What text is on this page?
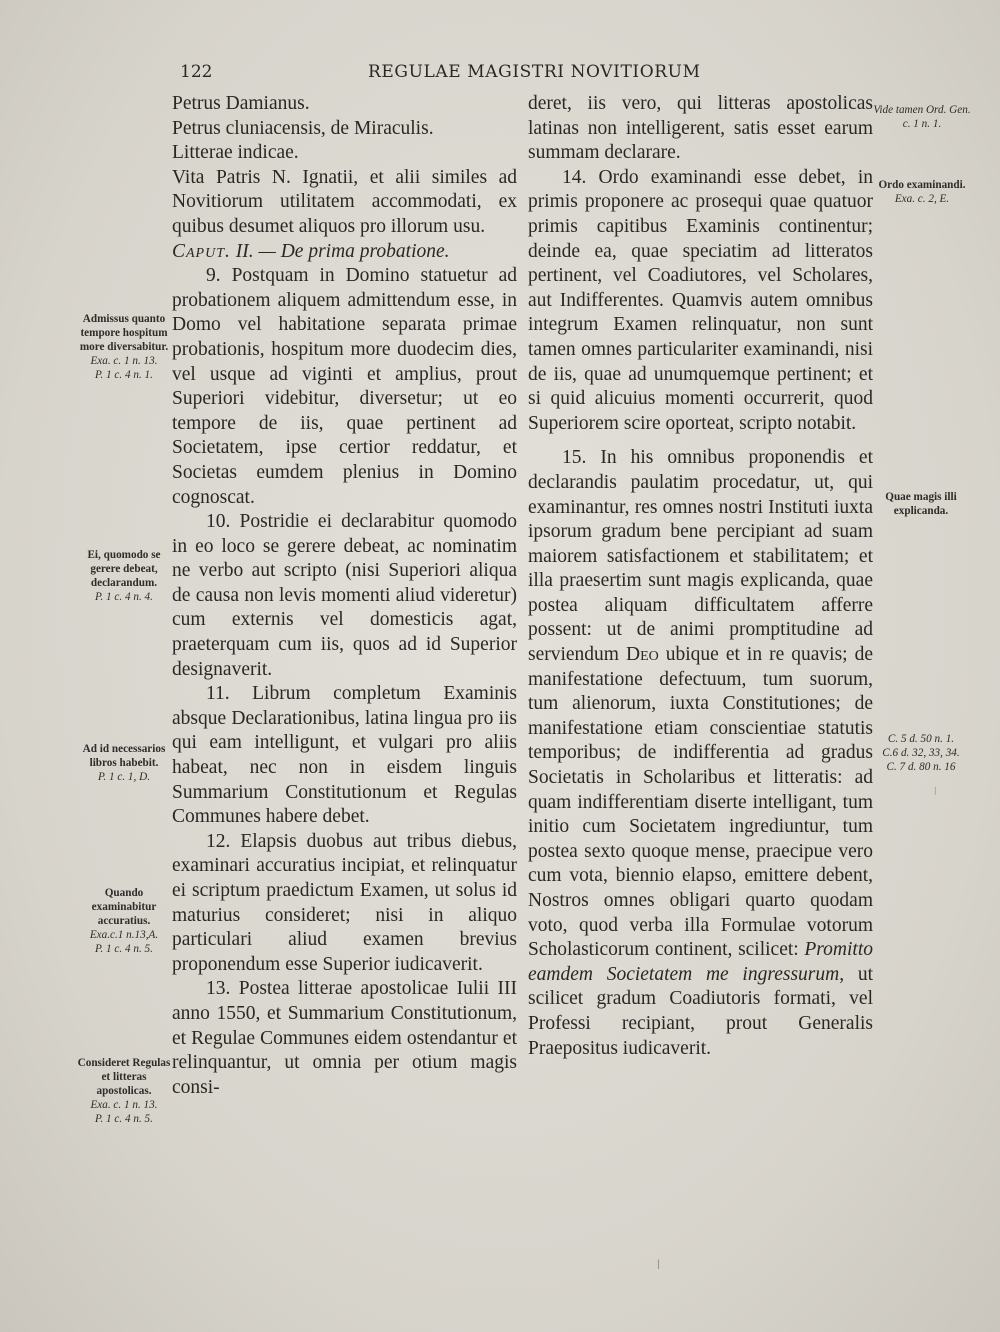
122	REGULAE MAGISTRI NOVITIORUM

Petrus Damianus.

Petrus cluniacensis, de Miraculis.

Litterae indicae.

Vita Patris N. Ignatii, et alii similes ad Novitiorum utilitatem accommodati, ex quibus desumet aliquos pro illorum usu.

Caput. II. — De prima probatione.

9. Postquam in Domino statuetur ad probationem aliquem admittendum esse, in Domo vel habitatione separata primae probationis, hospitum more duodecim dies, vel usque ad viginti et amplius, prout Superiori videbitur, diversetur; ut eo tempore de iis, quae pertinent ad Societatem, ipse certior reddatur, et Societas eumdem plenius in Domino cognoscat.

10. Postridie ei declarabitur quomodo in eo loco se gerere debeat, ac nominatim ne verbo aut scripto (nisi Superiori aliqua de causa non levis momenti aliud videretur) cum externis vel domesticis agat, praeterquam cum iis, quos ad id Superior designaverit.

11. Librum completum Examinis absque Declarationibus, latina lingua pro iis qui eam intelligunt, et vulgari pro aliis habeat, nec non in eisdem linguis Summarium Constitutionum et Regulas Communes habere debet.

12. Elapsis duobus aut tribus diebus, examinari accuratius incipiat, et relinquatur ei scriptum praedictum Examen, ut solus id maturius consideret; nisi in aliquo particulari aliud examen brevius proponendum esse Superior iudicaverit.

13. Postea litterae apostolicae Iulii III anno 1550, et Summarium Constitutionum, et Regulae Communes eidem ostendantur et relinquantur, ut omnia per otium magis consi-

deret, iis vero, qui litteras apostolicas latinas non intelligerent, satis esset earum summam declarare.

14. Ordo examinandi esse debet, in primis proponere ac prosequi quae quatuor primis capitibus Examinis continentur; deinde ea, quae speciatim ad litteratos pertinent, vel Coadiutores, vel Scholares, aut Indifferentes. Quamvis autem omnibus integrum Examen relinquatur, non sunt tamen omnes particulariter examinandi, nisi de iis, quae ad unumquemque pertinent; et si quid alicuius momenti occurrerit, quod Superiorem scire oporteat, scripto notabit.

15. In his omnibus proponendis et declarandis paulatim procedatur, ut, qui examinantur, res omnes nostri Instituti iuxta ipsorum gradum bene percipiant ad suam maiorem satisfactionem et stabilitatem; et illa praesertim sunt magis explicanda, quae postea aliquam difficultatem afferre possent: ut de animi promptitudine ad serviendum Deo ubique et in re quavis; de manifestatione defectuum, tum suorum, tum alienorum, iuxta Constitutiones; de manifestatione etiam conscientiae statutis temporibus; de indifferentia ad gradus Societatis in Scholaribus et litteratis: ad quam indifferentiam diserte intelligant, tum initio cum Societatem ingrediuntur, tum postea sexto quoque mense, praecipue vero cum vota, biennio elapso, emittere debent, Nostros omnes obligari quarto quodam voto, quod verba illa Formulae votorum Scholasticorum continent, scilicet: Promitto eamdem Societatem me ingressurum, ut scilicet gradum Coadiutoris formati, vel Professi recipiant, prout Generalis Praepositus iudicaverit.

Admissus quanto tempore hospitum more diversabitur.
Exa. c. 1 n. 13.
P. 1 c. 4 n. 1.
Ei, quomodo se gerere debeat, declarandum.
P. 1 c. 4 n. 4.
Ad id necessarios libros habebit.
P. 1 c. 1, D.
Quando examinabitur accuratius.
Exa.c.1 n.13,A.
P. 1 c. 4 n. 5.
Consideret Regulas et litteras apostolicas.
Exa. c. 1 n. 13.
P. 1 c. 4 n. 5.
Vide tamen Ord. Gen. c. 1 n. 1.
Ordo examinandi.
Exa. c. 2, E.
Quae magis illi explicanda.
C. 5 d. 50 n. 1.
C.6 d. 32, 33, 34.
C. 7 d. 80 n. 16
ǀ
ǀ
